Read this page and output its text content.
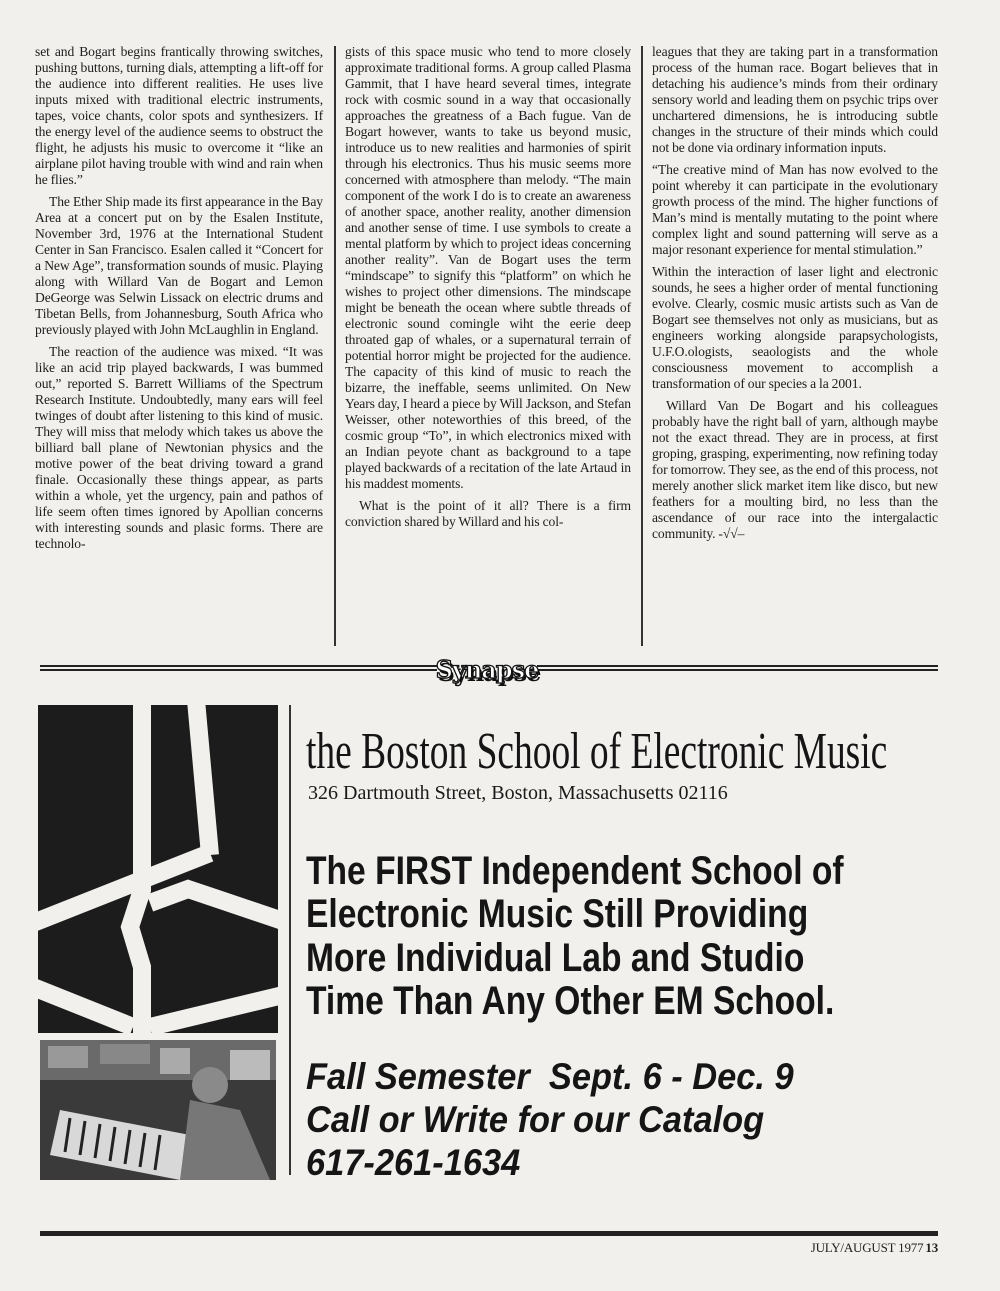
set and Bogart begins frantically throwing switches, pushing buttons, turning dials, attempting a lift-off for the audience into different realities. He uses live inputs mixed with traditional electric instruments, tapes, voice chants, color spots and synthesizers. If the energy level of the audience seems to obstruct the flight, he adjusts his music to overcome it “like an airplane pilot having trouble with wind and rain when he flies.”

The Ether Ship made its first appearance in the Bay Area at a concert put on by the Esalen Institute, November 3rd, 1976 at the International Student Center in San Francisco. Esalen called it “Concert for a New Age”, transformation sounds of music. Playing along with Willard Van de Bogart and Lemon DeGeorge was Selwin Lissack on electric drums and Tibetan Bells, from Johannesburg, South Africa who previously played with John McLaughlin in England.

The reaction of the audience was mixed. “It was like an acid trip played backwards, I was bummed out,” reported S. Barrett Williams of the Spectrum Research Institute. Undoubtedly, many ears will feel twinges of doubt after listening to this kind of music. They will miss that melody which takes us above the billiard ball plane of Newtonian physics and the motive power of the beat driving toward a grand finale. Occasionally these things appear, as parts within a whole, yet the urgency, pain and pathos of life seem often times ignored by Apollian concerns with interesting sounds and plasic forms. There are technolo-

gists of this space music who tend to more closely approximate traditional forms. A group called Plasma Gammit, that I have heard several times, integrate rock with cosmic sound in a way that occasionally approaches the greatness of a Bach fugue. Van de Bogart however, wants to take us beyond music, introduce us to new realities and harmonies of spirit through his electronics. Thus his music seems more concerned with atmosphere than melody. “The main component of the work I do is to create an awareness of another space, another reality, another dimension and another sense of time. I use symbols to create a mental platform by which to project ideas concerning another reality”. Van de Bogart uses the term “mindscape” to signify this “platform” on which he wishes to project other dimensions. The mindscape might be beneath the ocean where subtle threads of electronic sound comingle wiht the eerie deep throated gap of whales, or a supernatural terrain of potential horror might be projected for the audience. The capacity of this kind of music to reach the bizarre, the ineffable, seems unlimited. On New Years day, I heard a piece by Will Jackson, and Stefan Weisser, other noteworthies of this breed, of the cosmic group “To”, in which electronics mixed with an Indian peyote chant as background to a tape played backwards of a recitation of the late Artaud in his maddest moments.

What is the point of it all? There is a firm conviction shared by Willard and his col-

leagues that they are taking part in a transformation process of the human race. Bogart believes that in detaching his audience’s minds from their ordinary sensory world and leading them on psychic trips over unchartered dimensions, he is introducing subtle changes in the structure of their minds which could not be done via ordinary information inputs.

“The creative mind of Man has now evolved to the point whereby it can participate in the evolutionary growth process of the mind. The higher functions of Man’s mind is mentally mutating to the point where complex light and sound patterning will serve as a major resonant experience for mental stimulation.”

Within the interaction of laser light and electronic sounds, he sees a higher order of mental functioning evolve. Clearly, cosmic music artists such as Van de Bogart see themselves not only as musicians, but as engineers working alongside parapsychologists, U.F.O.ologists, seaologists and the whole consciousness movement to accomplish a transformation of our species a la 2001.

Willard Van De Bogart and his colleagues probably have the right ball of yarn, although maybe not the exact thread. They are in process, at first groping, grasping, experimenting, now refining today for tomorrow. They see, as the end of this process, not merely another slick market item like disco, but new feathers for a moulting bird, no less than the ascendance of our race into the intergalactic community. -√√–

Synapse
the Boston School of Electronic Music
326 Dartmouth Street, Boston, Massachusetts 02116
The FIRST Independent School of
Electronic Music Still Providing
More Individual Lab and Studio
Time Than Any Other EM School.
Fall Semester  Sept. 6 - Dec. 9
Call or Write for our Catalog
617-261-1634
JULY/AUGUST 1977 13
